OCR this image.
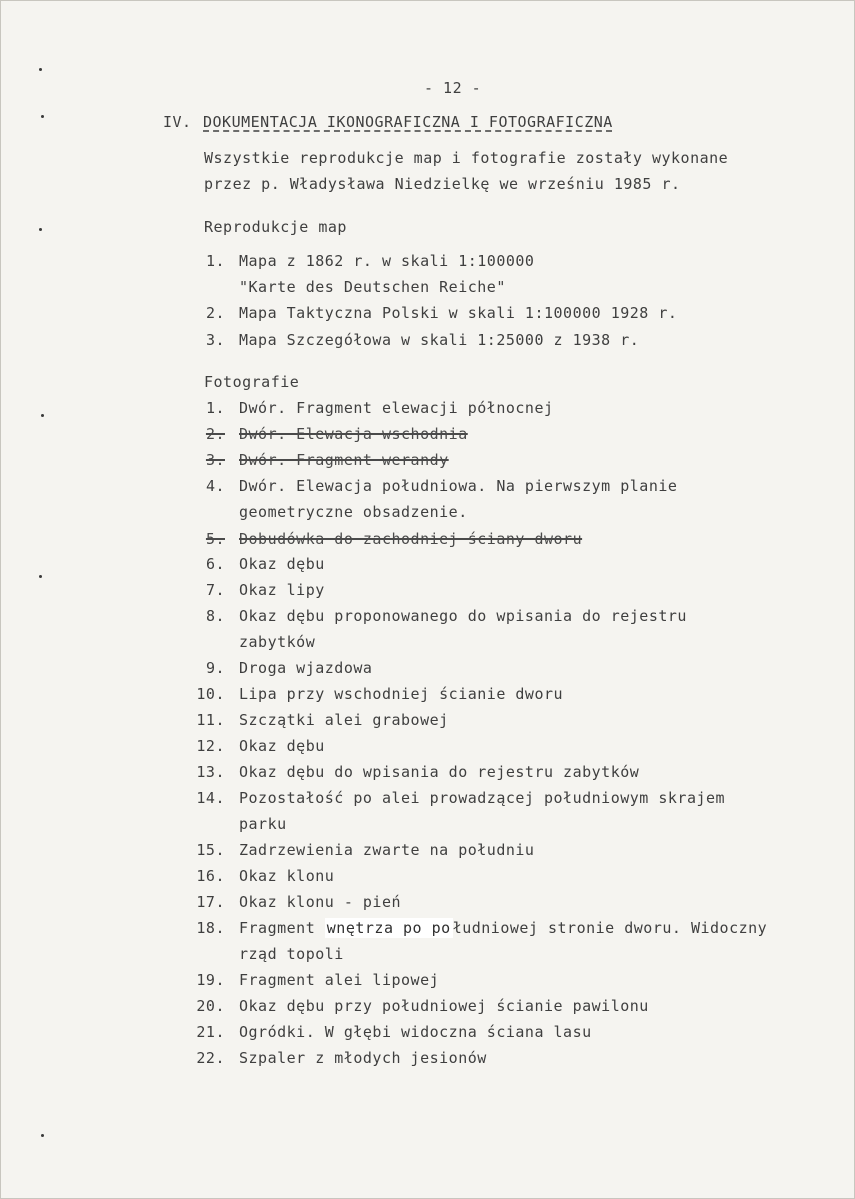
- 12 -
IV. DOKUMENTACJA IKONOGRAFICZNA I FOTOGRAFICZNA
Wszystkie reprodukcje map i fotografie zostały wykonane
przez p. Władysława Niedzielkę we wrześniu 1985 r.
Reprodukcje map
1. Mapa z 1862 r. w skali 1:100000
"Karte des Deutschen Reiche"
2. Mapa Taktyczna Polski w skali 1:100000 1928 r.
3. Mapa Szczegółowa w skali 1:25000 z 1938 r.
Fotografie
1. Dwór. Fragment elewacji północnej
2. Dwór. Elewacja wschodnia
3. Dwór. Fragment werandy
4. Dwór. Elewacja południowa. Na pierwszym planie
geometryczne obsadzenie.
5. Dobudówka do zachodniej ściany dworu
6. Okaz dębu
7. Okaz lipy
8. Okaz dębu proponowanego do wpisania do rejestru
zabytków
9. Droga wjazdowa
10. Lipa przy wschodniej ścianie dworu
11. Szczątki alei grabowej
12. Okaz dębu
13. Okaz dębu do wpisania do rejestru zabytków
14. Pozostałość po alei prowadzącej południowym skrajem
parku
15. Zadrzewienia zwarte na południu
16. Okaz klonu
17. Okaz klonu - pień
18. Fragment wnętrza po po łudniowej stronie dworu. Widoczny
rząd topoli
19. Fragment alei lipowej
20. Okaz dębu przy południowej ścianie pawilonu
21. Ogródki. W głębi widoczna ściana lasu
22. Szpaler z młodych jesionów
